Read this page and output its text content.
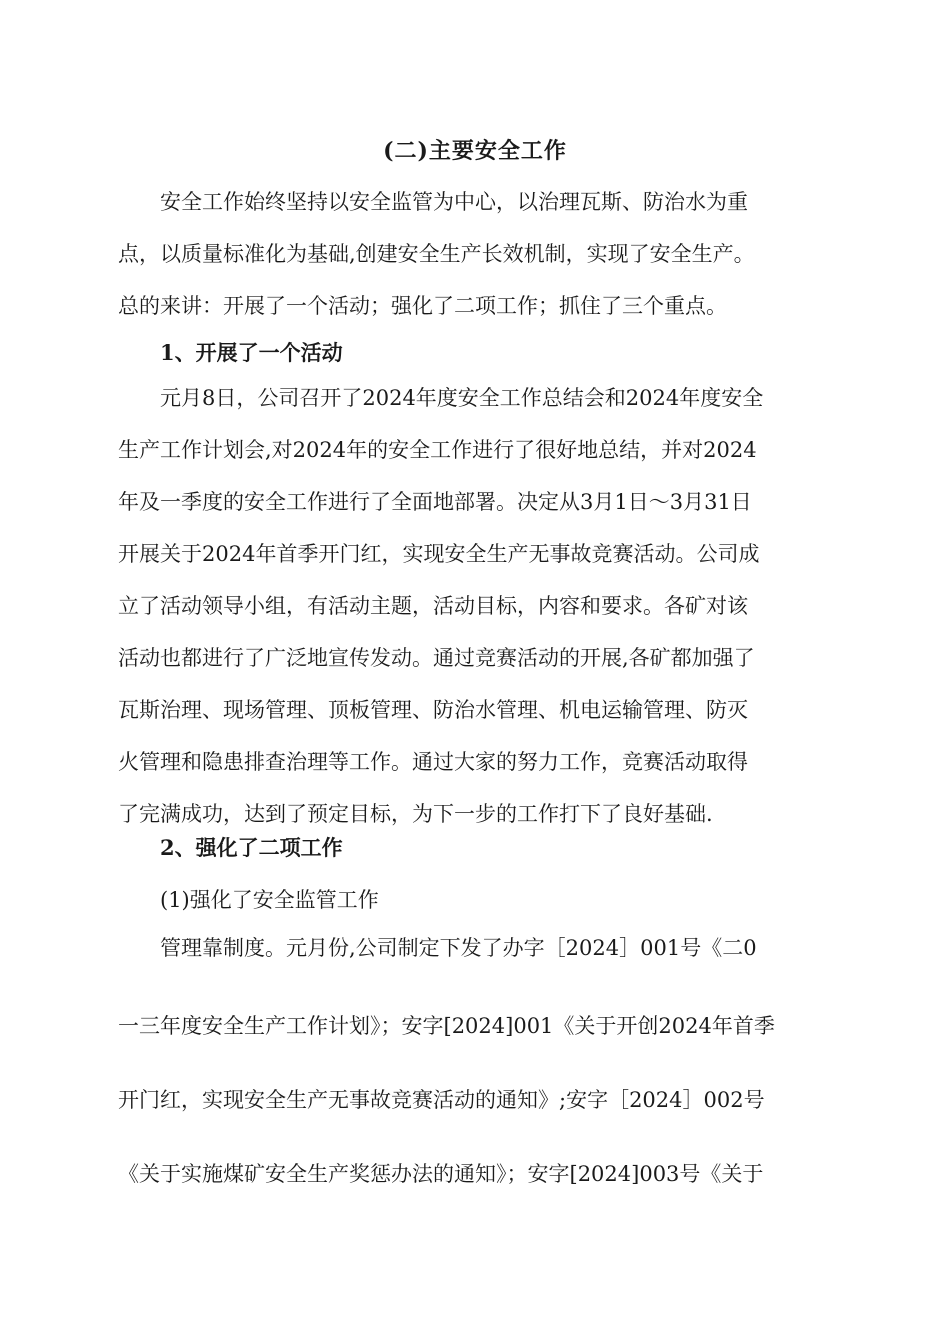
(二)主要安全工作
安全工作始终坚持以安全监管为中心，以治理瓦斯、防治水为重
点，以质量标准化为基础,创建安全生产长效机制，实现了安全生产。
总的来讲：开展了一个活动；强化了二项工作；抓住了三个重点。
1、开展了一个活动
元月8日，公司召开了2024年度安全工作总结会和2024年度安全
生产工作计划会,对2024年的安全工作进行了很好地总结，并对2024
年及一季度的安全工作进行了全面地部署。决定从3月1日～3月31日
开展关于2024年首季开门红，实现安全生产无事故竞赛活动。公司成
立了活动领导小组，有活动主题，活动目标，内容和要求。各矿对该
活动也都进行了广泛地宣传发动。通过竞赛活动的开展,各矿都加强了
瓦斯治理、现场管理、顶板管理、防治水管理、机电运输管理、防灭
火管理和隐患排查治理等工作。通过大家的努力工作，竞赛活动取得
了完满成功，达到了预定目标，为下一步的工作打下了良好基础.
2、强化了二项工作
(1)强化了安全监管工作
管理靠制度。元月份,公司制定下发了办字［2024］001号《二0
一三年度安全生产工作计划》；安字[2024]001《关于开创2024年首季
开门红，实现安全生产无事故竞赛活动的通知》;安字［2024］002号
《关于实施煤矿安全生产奖惩办法的通知》；安字[2024]003号《关于
